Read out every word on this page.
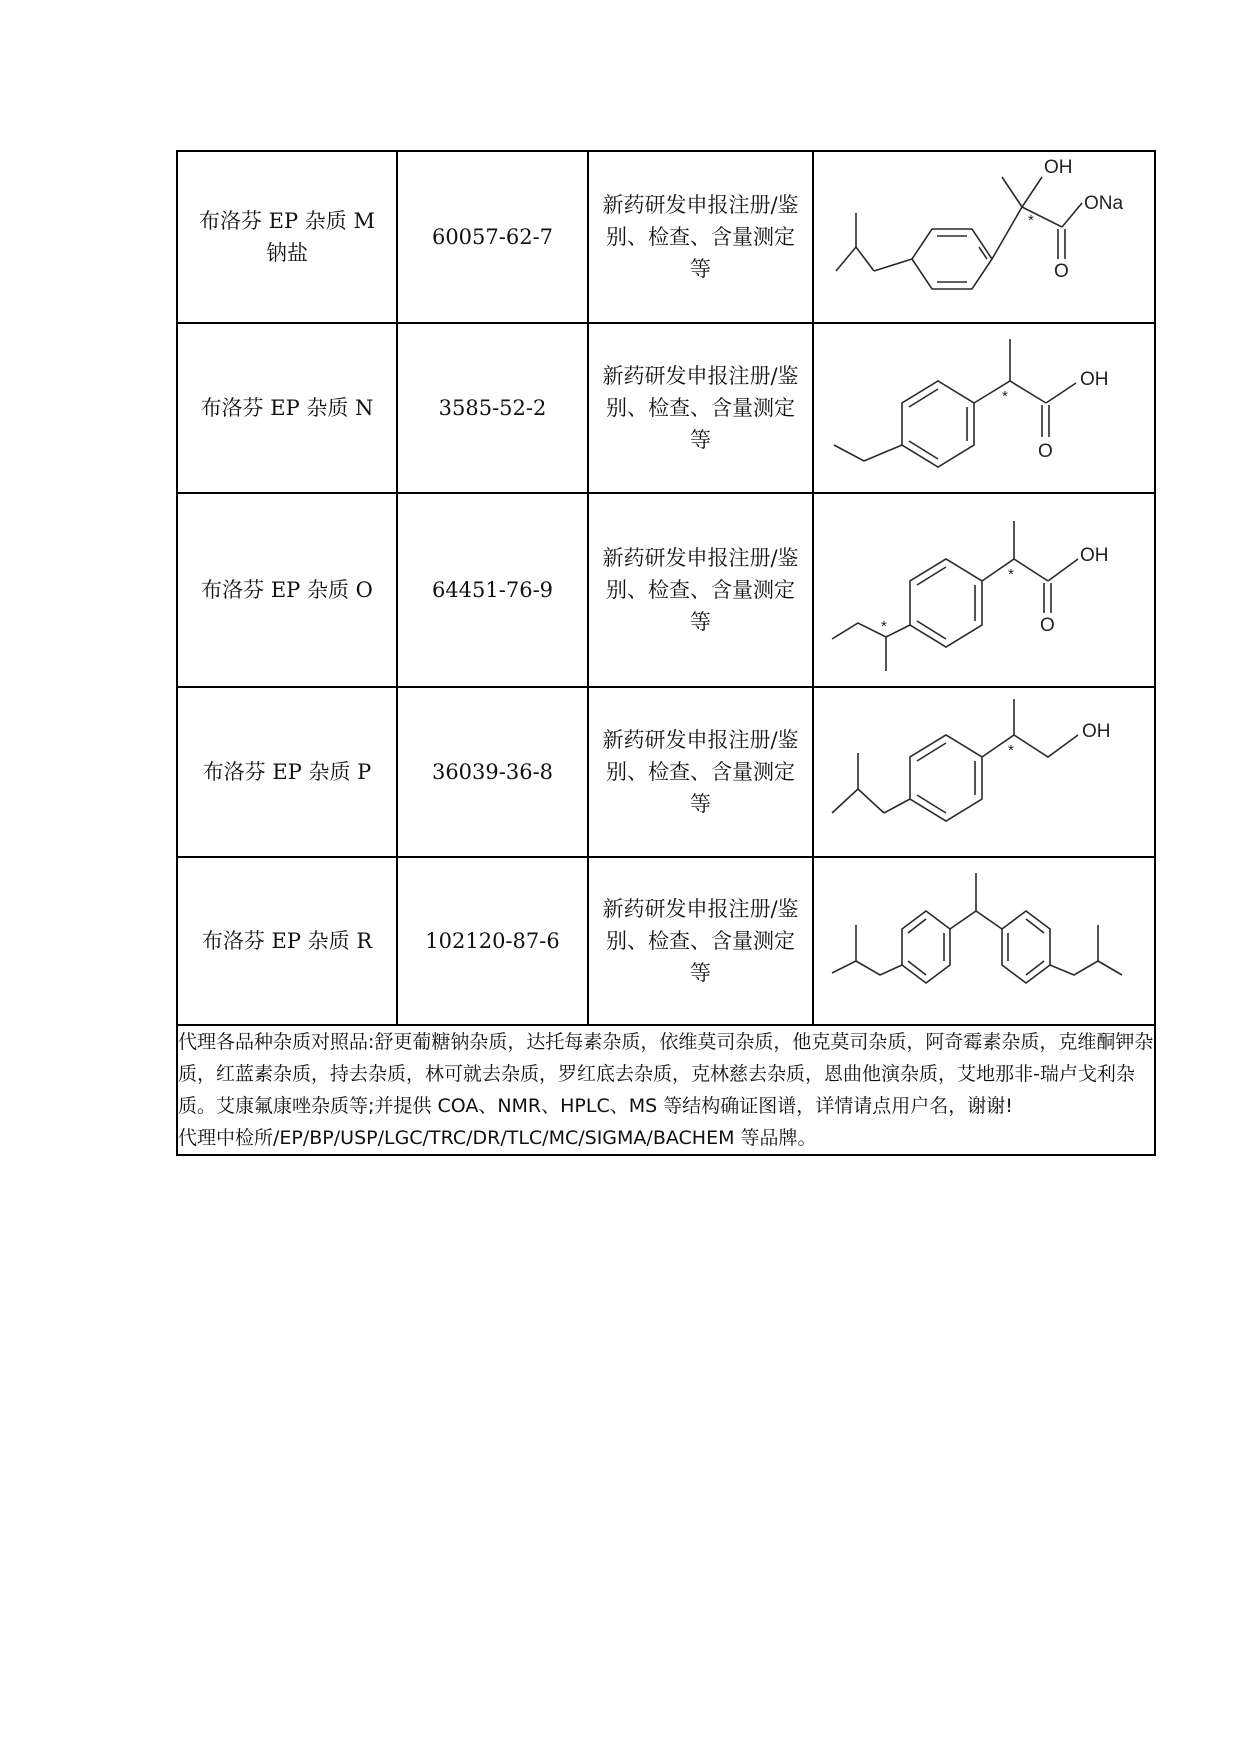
布洛芬 EP 杂质 M 钠盐	60057-62-7	新药研发申报注册/鉴别、检查、含量测定等	OH
*
ONa
O

布洛芬 EP 杂质 N	3585-52-2	新药研发申报注册/鉴别、检查、含量测定等	*
OH
O

布洛芬 EP 杂质 O	64451-76-9	新药研发申报注册/鉴别、检查、含量测定等	*
OH
O
*

布洛芬 EP 杂质 P	36039-36-8	新药研发申报注册/鉴别、检查、含量测定等	*
OH

布洛芬 EP 杂质 R	102120-87-6	新药研发申报注册/鉴别、检查、含量测定等

代理各品种杂质对照品:舒更葡糖钠杂质，达托每素杂质，依维莫司杂质，他克莫司杂质，阿奇霉素杂质，克维酮钾杂质，红蓝素杂质，持去杂质，林可就去杂质，罗红底去杂质，克林慈去杂质，恩曲他演杂质，艾地那非-瑞卢戈利杂质。艾康氟康唑杂质等;并提供 COA、NMR、HPLC、MS 等结构确证图谱，详情请点用户名，谢谢!
代理中检所/EP/BP/USP/LGC/TRC/DR/TLC/MC/SIGMA/BACHEM 等品牌。			
